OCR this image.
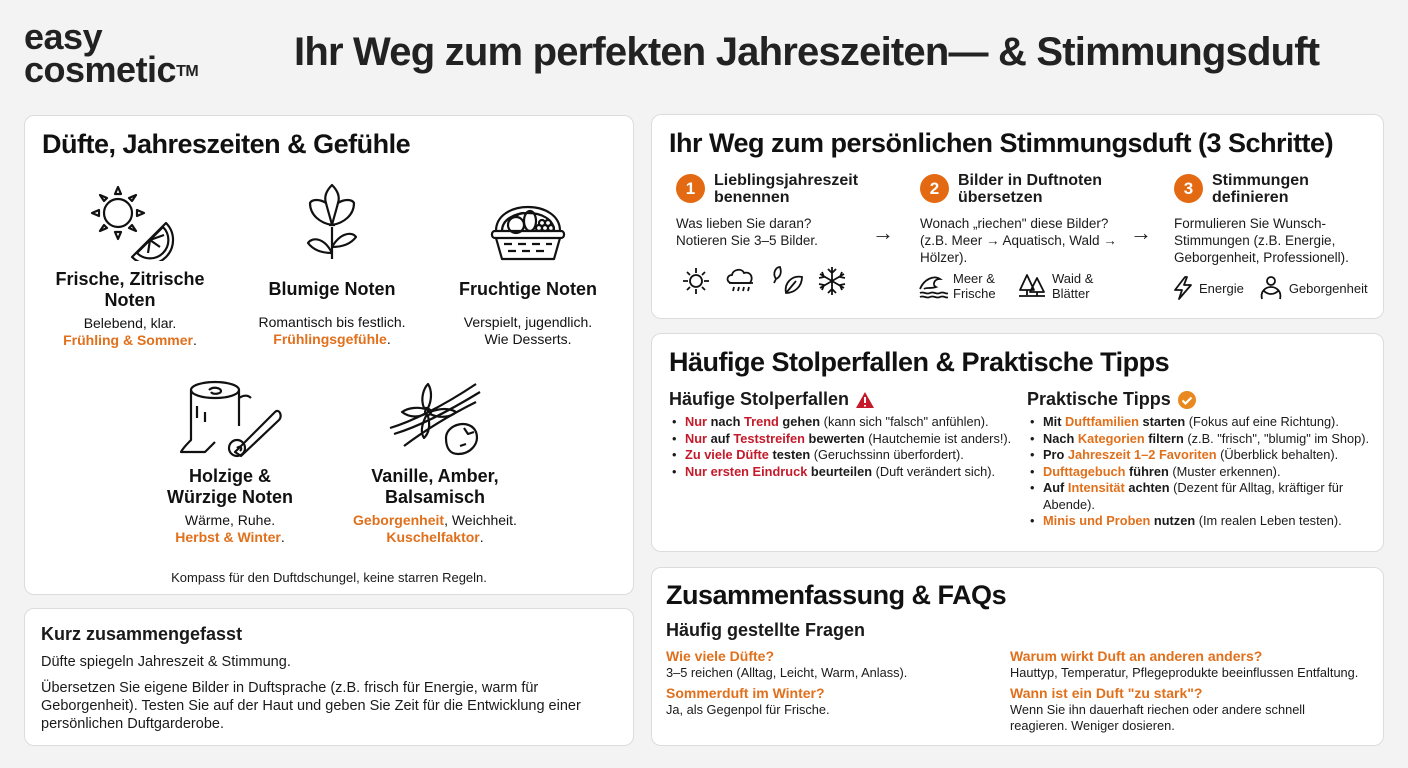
easy
cosmetic™ Ihr Weg zum perfekten Jahreszeiten— & Stimmungsduft
Düfte, Jahreszeiten & Gefühle
Frische, Zitrische
Noten
Belebend, klar.
Frühling & Sommer.
Blumige Noten
Romantisch bis festlich.
Frühlingsgefühle.
Fruchtige Noten
Verspielt, jugendlich.
Wie Desserts.
Holzige &
Würzige Noten
Wärme, Ruhe.
Herbst & Winter.
Vanille, Amber,
Balsamisch
Geborgenheit, Weichheit.
Kuschelfaktor.
Kompass für den Duftdschungel, keine starren Regeln.
Kurz zusammengefasst

Düfte spiegeln Jahreszeit & Stimmung.

Übersetzen Sie eigene Bilder in Duftsprache (z.B. frisch für Energie, warm für Geborgenheit). Testen Sie auf der Haut und geben Sie Zeit für die Entwicklung einer persönlichen Duftgarderobe.

Ihr Weg zum persönlichen Stimmungsduft (3 Schritte)
1	Lieblingsjahreszeit benennen
Was lieben Sie daran? Notieren Sie 3–5 Bilder.	→
2	Bilder in Duftnoten übersetzen
Wonach „riechen" diese Bilder? (z.B. Meer → Aquatisch, Wald → Hölzer).
Meer & Frische
Waid & Blätter
→
3	Stimmungen definieren
Formulieren Sie Wunsch-Stimmungen (z.B. Energie, Geborgenheit, Professionell).
Energie	Geborgenheit
Häufige Stolperfallen & Praktische Tipps
Häufige Stolperfallen
• Nur nach Trend gehen (kann sich "falsch" anfühlen).
• Nur auf Teststreifen bewerten (Hautchemie ist anders!).
• Zu viele Düfte testen (Geruchssinn überfordert).
• Nur ersten Eindruck beurteilen (Duft verändert sich).
Praktische Tipps
• Mit Duftfamilien starten (Fokus auf eine Richtung).
• Nach Kategorien filtern (z.B. "frisch", "blumig" im Shop).
• Pro Jahreszeit 1–2 Favoriten (Überblick behalten).
• Dufttagebuch führen (Muster erkennen).
• Auf Intensität achten (Dezent für Alltag, kräftiger für Abende).
• Minis und Proben nutzen (Im realen Leben testen).
Zusammenfassung & FAQs
Häufig gestellte Fragen
Wie viele Düfte?
3–5 reichen (Alltag, Leicht, Warm, Anlass).
Sommerduft im Winter?
Ja, als Gegenpol für Frische.
Warum wirkt Duft an anderen anders?
Hauttyp, Temperatur, Pflegeprodukte beeinflussen Entfaltung.
Wann ist ein Duft "zu stark"?
Wenn Sie ihn dauerhaft riechen oder andere schnell reagieren. Weniger dosieren.
